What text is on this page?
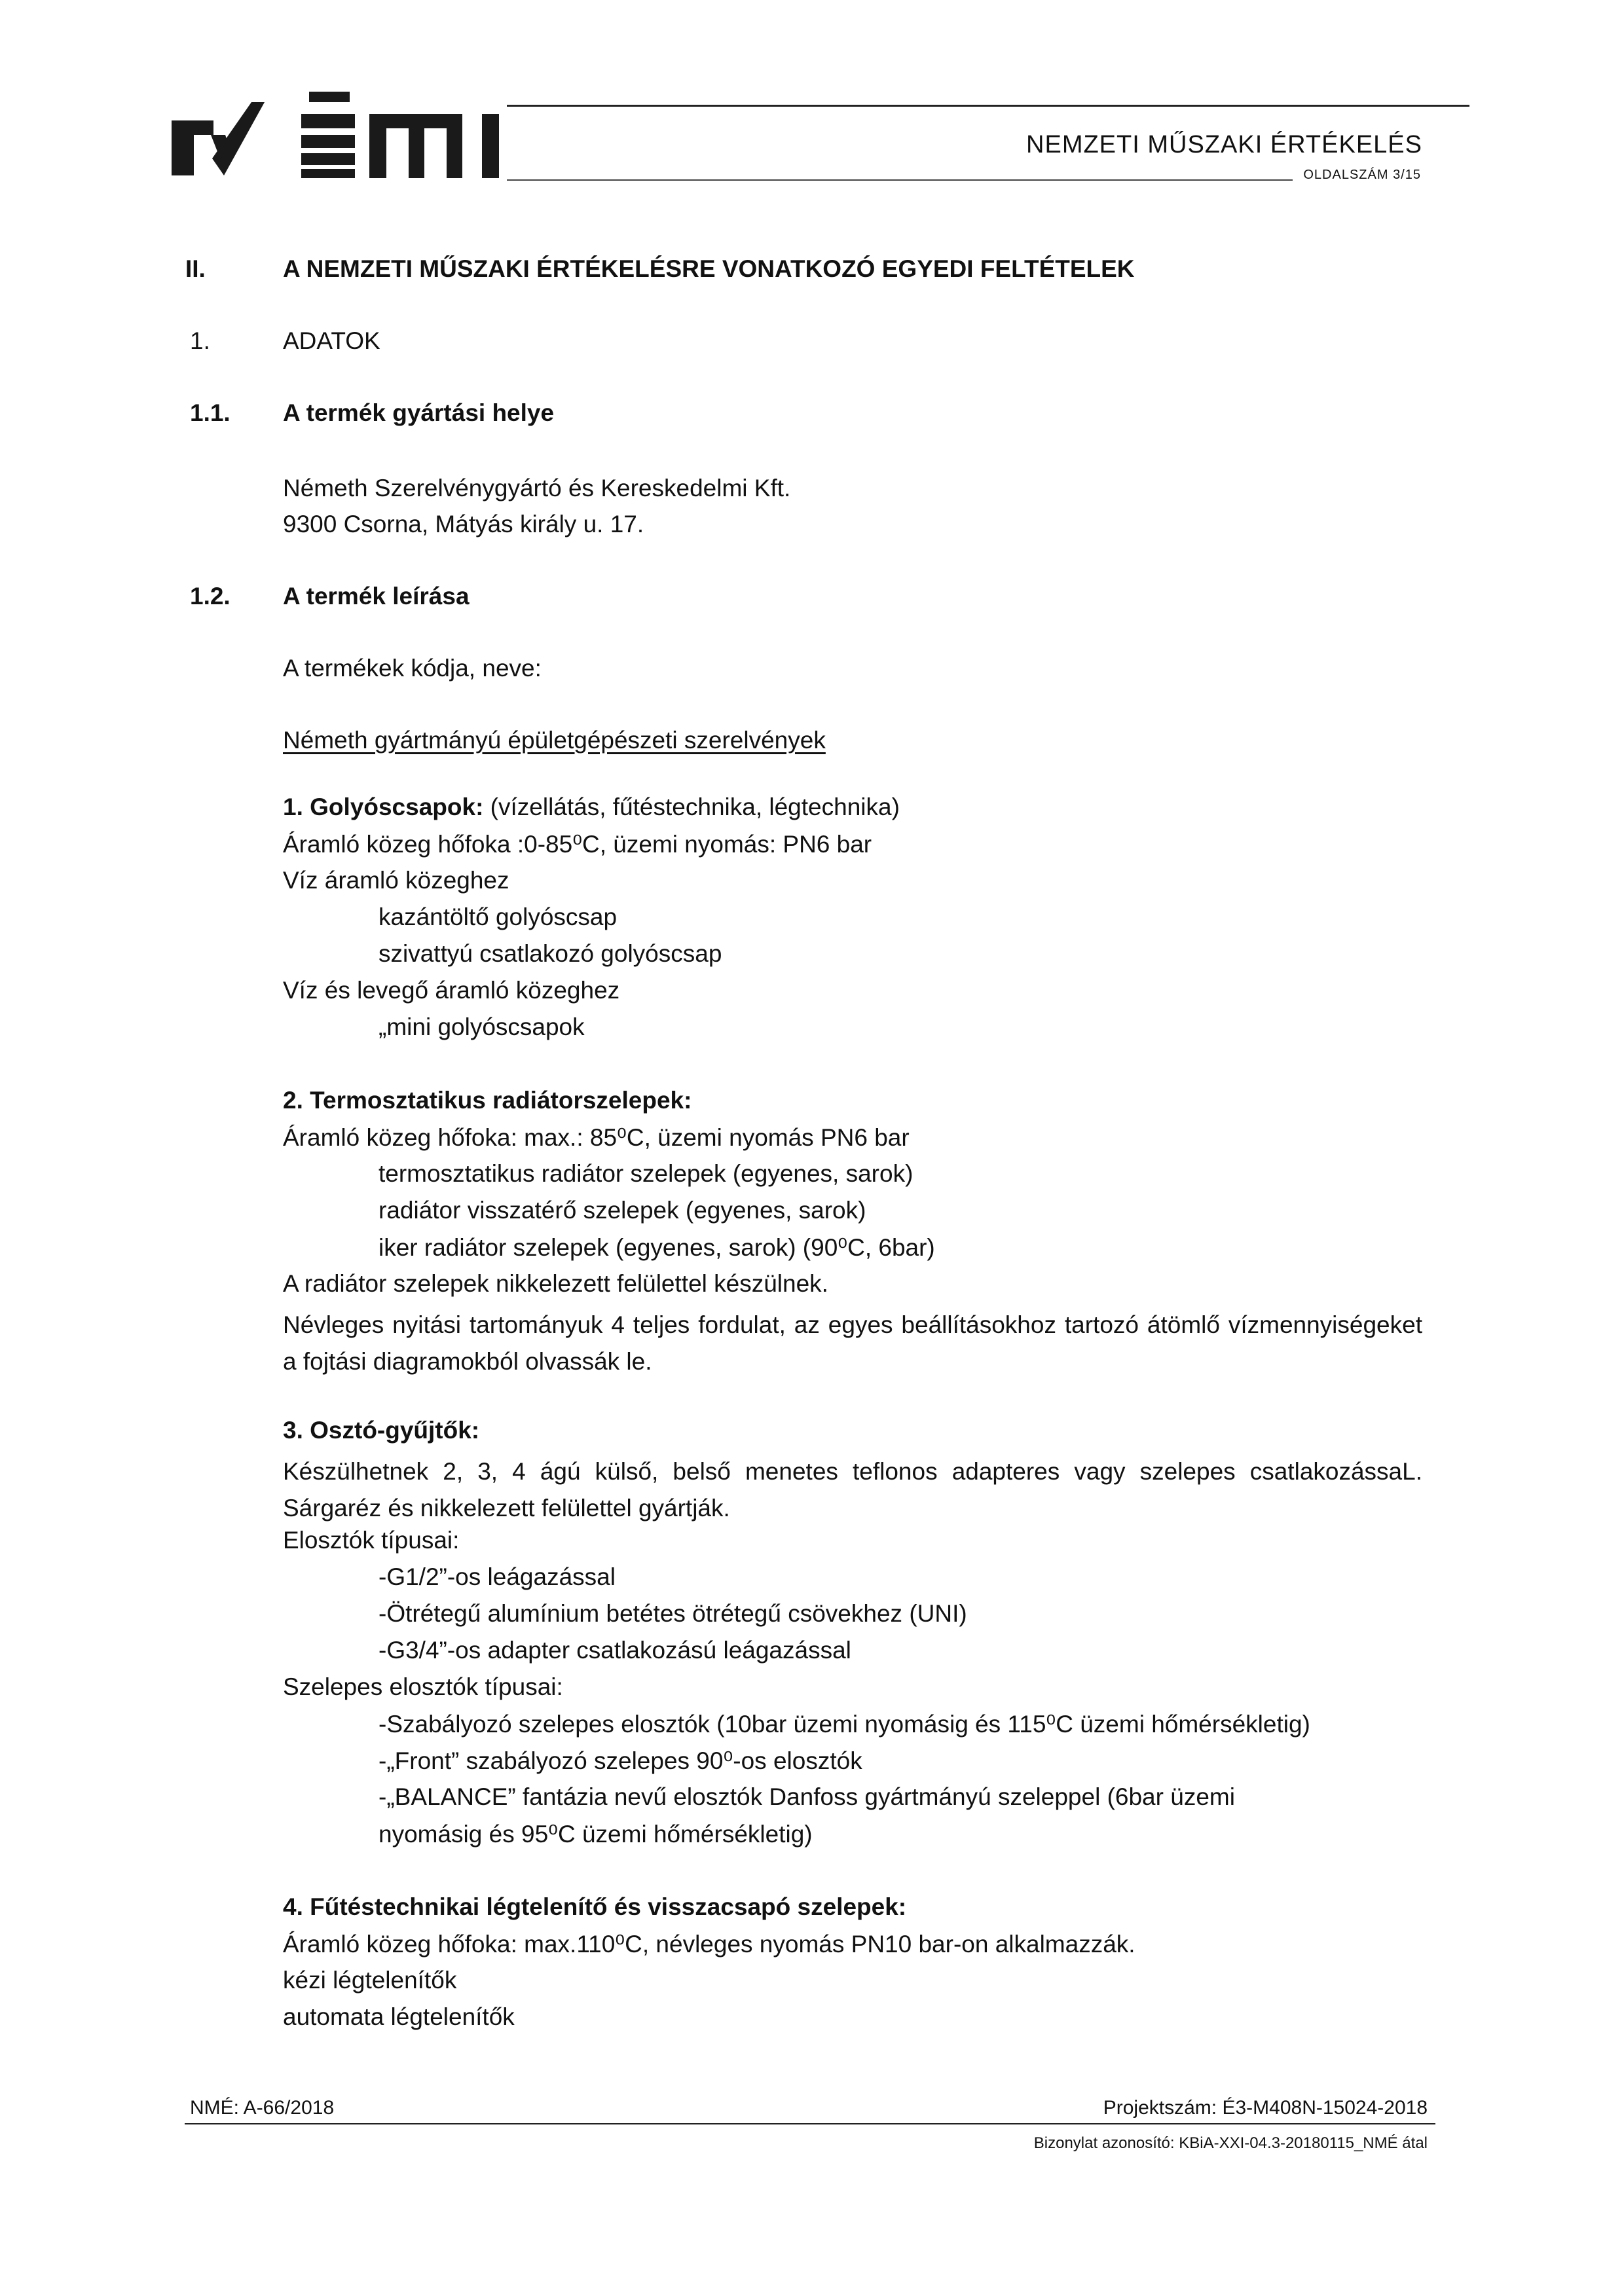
NEMZETI MŰSZAKI ÉRTÉKELÉS
OLDALSZÁM 3/15
II.	A NEMZETI MŰSZAKI ÉRTÉKELÉSRE VONATKOZÓ EGYEDI FELTÉTELEK
1.	ADATOK
1.1. A termék gyártási helye
Németh Szerelvénygyártó és Kereskedelmi Kft.
9300 Csorna, Mátyás király u. 17.
1.2. A termék leírása
A termékek kódja, neve:
Németh gyártmányú épületgépészeti szerelvények
1. Golyóscsapok: (vízellátás, fűtéstechnika, légtechnika)
Áramló közeg hőfoka :0-85⁰C, üzemi nyomás: PN6 bar
Víz áramló közeghez
kazántöltő golyóscsap
szivattyú csatlakozó golyóscsap
Víz és levegő áramló közeghez
„mini golyóscsapok
2. Termosztatikus radiátorszelepek:
Áramló közeg hőfoka: max.: 85⁰C, üzemi nyomás PN6 bar
termosztatikus radiátor szelepek (egyenes, sarok)
radiátor visszatérő szelepek (egyenes, sarok)
iker radiátor szelepek (egyenes, sarok) (90⁰C, 6bar)
A radiátor szelepek nikkelezett felülettel készülnek.
Névleges nyitási tartományuk 4 teljes fordulat, az egyes beállításokhoz tartozó átömlő vízmennyiségeket a fojtási diagramokból olvassák le.
3. Osztó-gyűjtők:
Készülhetnek 2, 3, 4 ágú külső, belső menetes teflonos adapteres vagy szelepes csatlakozássaL. Sárgaréz és nikkelezett felülettel gyártják.
Elosztók típusai:
-G1/2”-os leágazással
-Ötrétegű alumínium betétes ötrétegű csövekhez (UNI)
-G3/4”-os adapter csatlakozású leágazással
Szelepes elosztók típusai:
-Szabályozó szelepes elosztók (10bar üzemi nyomásig és 115⁰C üzemi hőmérsékletig)
-„Front” szabályozó szelepes 90⁰-os elosztók
-„BALANCE” fantázia nevű elosztók Danfoss gyártmányú szeleppel (6bar üzemi
nyomásig és 95⁰C üzemi hőmérsékletig)
4. Fűtéstechnikai légtelenítő és visszacsapó szelepek:
Áramló közeg hőfoka: max.110⁰C, névleges nyomás PN10 bar-on alkalmazzák.
kézi légtelenítők
automata légtelenítők
NMÉ: A-66/2018	Projektszám: É3-M408N-15024-2018
Bizonylat azonosító: KBiA-XXI-04.3-20180115_NMÉ átal
